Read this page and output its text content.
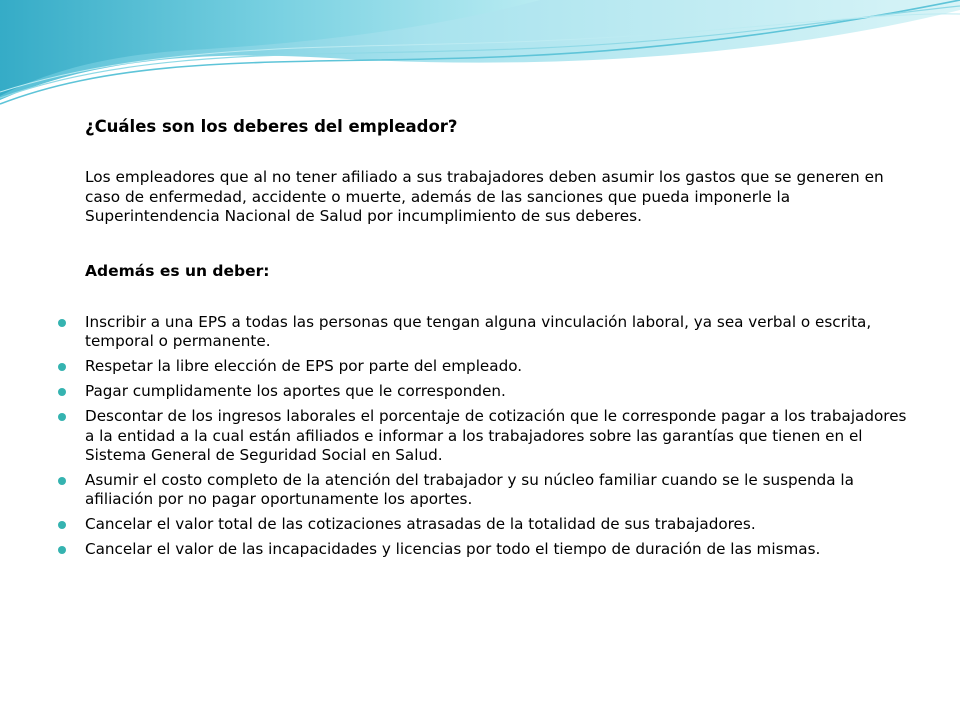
¿Cuáles son los deberes del empleador?

Los empleadores que al no tener afiliado a sus trabajadores deben asumir los gastos que se generen en caso de enfermedad, accidente o muerte, además de las sanciones que pueda imponerle la Superintendencia Nacional de Salud por incumplimiento de sus deberes.

Además es un deber:

Inscribir a una EPS a todas las personas que tengan alguna vinculación laboral, ya sea verbal o escrita, temporal o permanente.
Respetar la libre elección de EPS por parte del empleado.
Pagar cumplidamente los aportes que le corresponden.
Descontar de los ingresos laborales el porcentaje de cotización que le corresponde pagar a los trabajadores a la entidad a la cual están afiliados e informar a los trabajadores sobre las garantías que tienen en el Sistema General de Seguridad Social en Salud.
Asumir el costo completo de la atención del trabajador y su núcleo familiar cuando se le suspenda la afiliación por no pagar oportunamente los aportes.
Cancelar el valor total de las cotizaciones atrasadas de la totalidad de sus trabajadores.
Cancelar el valor de las incapacidades y licencias por todo el tiempo de duración de las mismas.
